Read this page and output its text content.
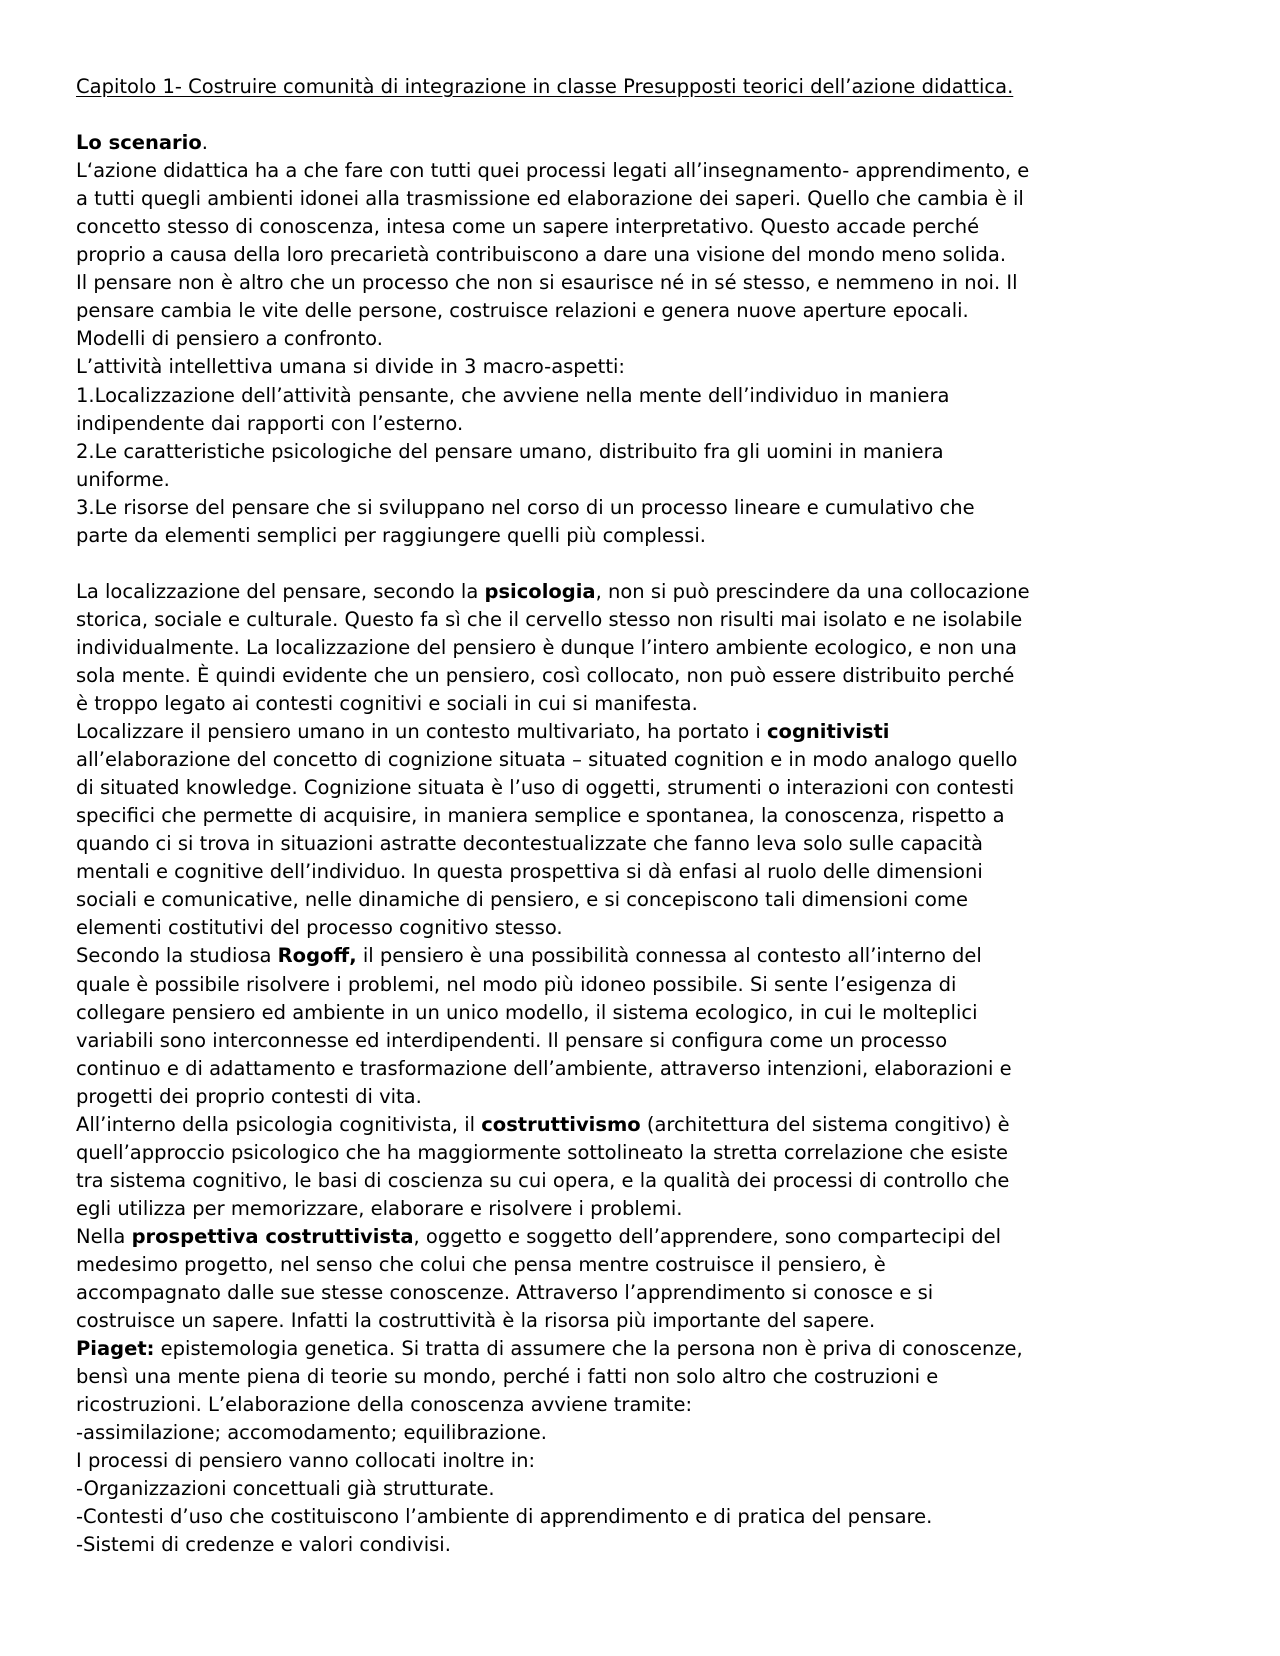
Capitolo 1- Costruire comunità di integrazione in classe Presupposti teorici dell’azione didattica.
Lo scenario.
L‘azione didattica ha a che fare con tutti quei processi legati all’insegnamento- apprendimento, e
a tutti quegli ambienti idonei alla trasmissione ed elaborazione dei saperi. Quello che cambia è il
concetto stesso di conoscenza, intesa come un sapere interpretativo. Questo accade perché
proprio a causa della loro precarietà contribuiscono a dare una visione del mondo meno solida.
Il pensare non è altro che un processo che non si esaurisce né in sé stesso, e nemmeno in noi. Il
pensare cambia le vite delle persone, costruisce relazioni e genera nuove aperture epocali.
Modelli di pensiero a confronto.
L’attività intellettiva umana si divide in 3 macro-aspetti:
1.Localizzazione dell’attività pensante, che avviene nella mente dell’individuo in maniera
indipendente dai rapporti con l’esterno.
2.Le caratteristiche psicologiche del pensare umano, distribuito fra gli uomini in maniera
uniforme.
3.Le risorse del pensare che si sviluppano nel corso di un processo lineare e cumulativo che
parte da elementi semplici per raggiungere quelli più complessi.
La localizzazione del pensare, secondo la psicologia, non si può prescindere da una collocazione
storica, sociale e culturale. Questo fa sì che il cervello stesso non risulti mai isolato e ne isolabile
individualmente. La localizzazione del pensiero è dunque l’intero ambiente ecologico, e non una
sola mente. È quindi evidente che un pensiero, così collocato, non può essere distribuito perché
è troppo legato ai contesti cognitivi e sociali in cui si manifesta.
Localizzare il pensiero umano in un contesto multivariato, ha portato i cognitivisti
all’elaborazione del concetto di cognizione situata – situated cognition e in modo analogo quello
di situated knowledge. Cognizione situata è l’uso di oggetti, strumenti o interazioni con contesti
specifici che permette di acquisire, in maniera semplice e spontanea, la conoscenza, rispetto a
quando ci si trova in situazioni astratte decontestualizzate che fanno leva solo sulle capacità
mentali e cognitive dell’individuo. In questa prospettiva si dà enfasi al ruolo delle dimensioni
sociali e comunicative, nelle dinamiche di pensiero, e si concepiscono tali dimensioni come
elementi costitutivi del processo cognitivo stesso.
Secondo la studiosa Rogoff, il pensiero è una possibilità connessa al contesto all’interno del
quale è possibile risolvere i problemi, nel modo più idoneo possibile. Si sente l’esigenza di
collegare pensiero ed ambiente in un unico modello, il sistema ecologico, in cui le molteplici
variabili sono interconnesse ed interdipendenti. Il pensare si configura come un processo
continuo e di adattamento e trasformazione dell’ambiente, attraverso intenzioni, elaborazioni e
progetti dei proprio contesti di vita.
All’interno della psicologia cognitivista, il costruttivismo (architettura del sistema congitivo) è
quell’approccio psicologico che ha maggiormente sottolineato la stretta correlazione che esiste
tra sistema cognitivo, le basi di coscienza su cui opera, e la qualità dei processi di controllo che
egli utilizza per memorizzare, elaborare e risolvere i problemi.
Nella prospettiva costruttivista, oggetto e soggetto dell’apprendere, sono compartecipi del
medesimo progetto, nel senso che colui che pensa mentre costruisce il pensiero, è
accompagnato dalle sue stesse conoscenze. Attraverso l’apprendimento si conosce e si
costruisce un sapere. Infatti la costruttività è la risorsa più importante del sapere.
Piaget: epistemologia genetica. Si tratta di assumere che la persona non è priva di conoscenze,
bensì una mente piena di teorie su mondo, perché i fatti non solo altro che costruzioni e
ricostruzioni. L’elaborazione della conoscenza avviene tramite:
-assimilazione; accomodamento; equilibrazione.
I processi di pensiero vanno collocati inoltre in:
-Organizzazioni concettuali già strutturate.
-Contesti d’uso che costituiscono l’ambiente di apprendimento e di pratica del pensare.
-Sistemi di credenze e valori condivisi.
